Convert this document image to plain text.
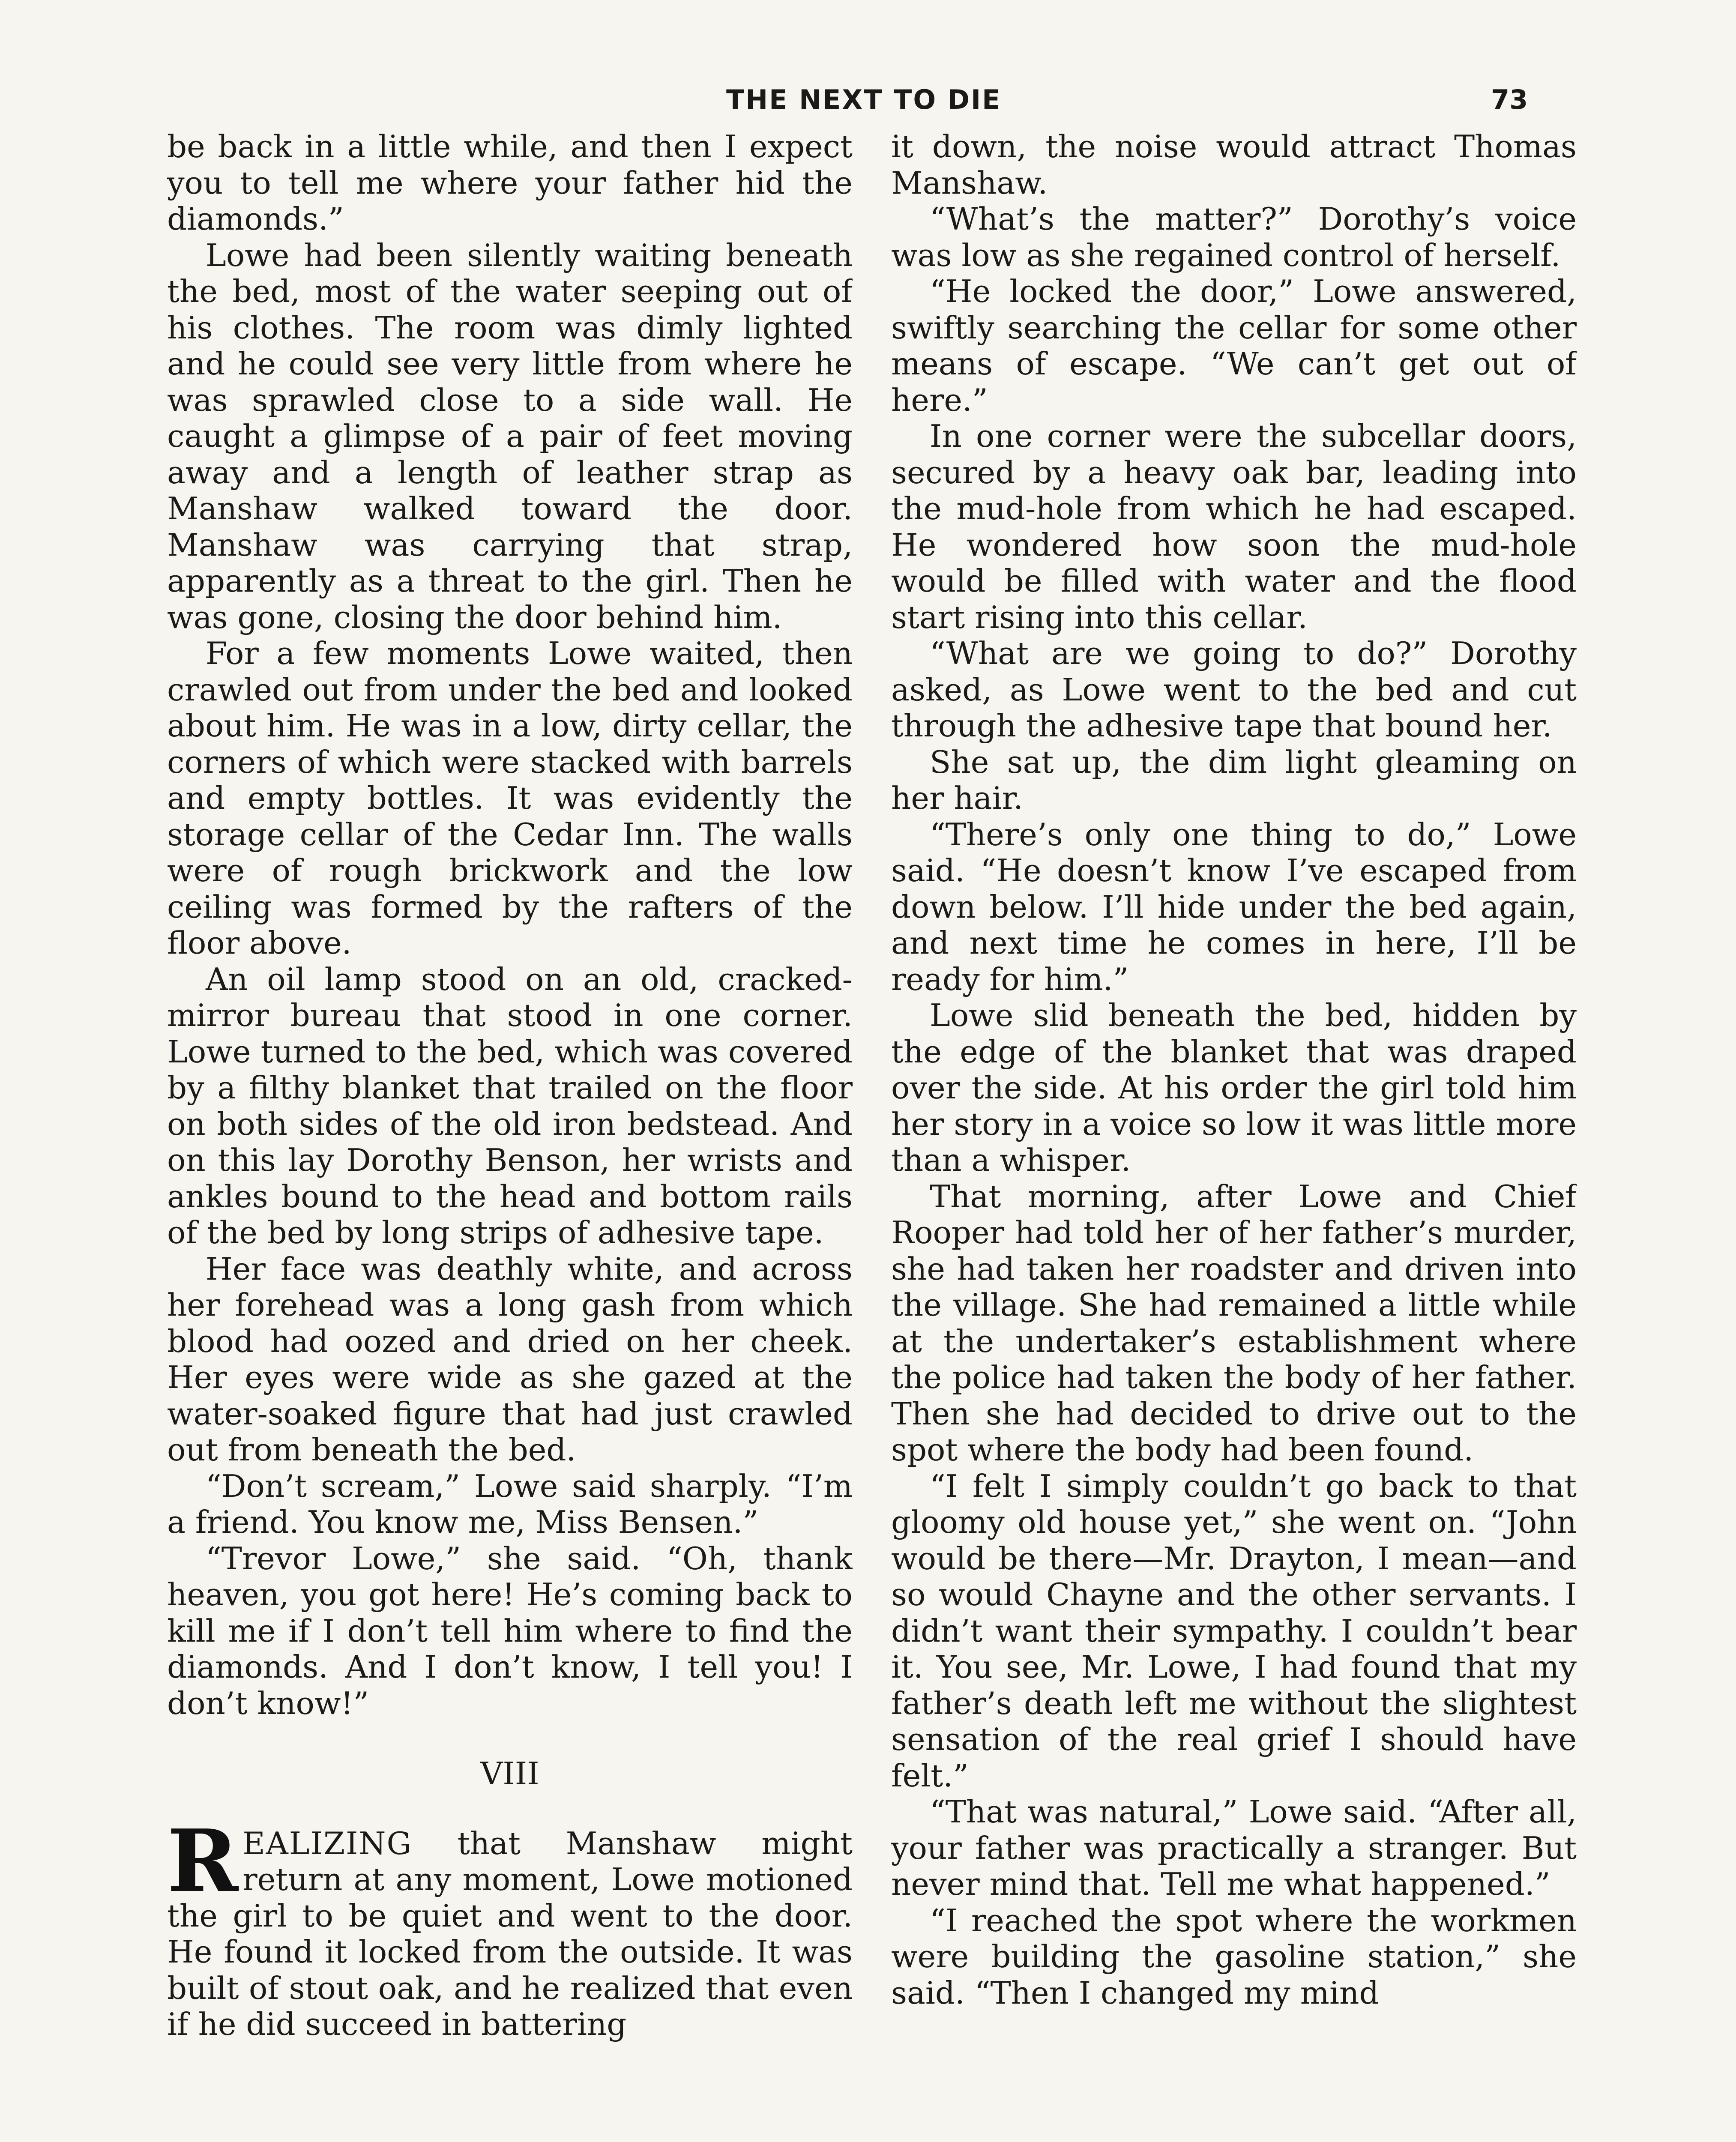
THE NEXT TO DIE	73

be back in a little while, and then I expect you to tell me where your father hid the diamonds.”

Lowe had been silently waiting beneath the bed, most of the water seeping out of his clothes. The room was dimly lighted and he could see very little from where he was sprawled close to a side wall. He caught a glimpse of a pair of feet moving away and a length of leather strap as Manshaw walked toward the door. Manshaw was carrying that strap, apparently as a threat to the girl. Then he was gone, closing the door behind him.

For a few moments Lowe waited, then crawled out from under the bed and looked about him. He was in a low, dirty cellar, the corners of which were stacked with barrels and empty bottles. It was evidently the storage cellar of the Cedar Inn. The walls were of rough brickwork and the low ceiling was formed by the rafters of the floor above.

An oil lamp stood on an old, cracked-mirror bureau that stood in one corner. Lowe turned to the bed, which was covered by a filthy blanket that trailed on the floor on both sides of the old iron bedstead. And on this lay Dorothy Benson, her wrists and ankles bound to the head and bottom rails of the bed by long strips of adhesive tape.

Her face was deathly white, and across her forehead was a long gash from which blood had oozed and dried on her cheek. Her eyes were wide as she gazed at the water-soaked figure that had just crawled out from beneath the bed.

“Don’t scream,” Lowe said sharply. “I’m a friend. You know me, Miss Bensen.”

“Trevor Lowe,” she said. “Oh, thank heaven, you got here! He’s coming back to kill me if I don’t tell him where to find the diamonds. And I don’t know, I tell you! I don’t know!”

VIII

REALIZING that Manshaw might return at any moment, Lowe motioned the girl to be quiet and went to the door. He found it locked from the outside. It was built of stout oak, and he realized that even if he did succeed in battering

it down, the noise would attract Thomas Manshaw.

“What’s the matter?” Dorothy’s voice was low as she regained control of herself.

“He locked the door,” Lowe answered, swiftly searching the cellar for some other means of escape. “We can’t get out of here.”

In one corner were the subcellar doors, secured by a heavy oak bar, leading into the mud-hole from which he had escaped. He wondered how soon the mud-hole would be filled with water and the flood start rising into this cellar.

“What are we going to do?” Dorothy asked, as Lowe went to the bed and cut through the adhesive tape that bound her.

She sat up, the dim light gleaming on her hair.

“There’s only one thing to do,” Lowe said. “He doesn’t know I’ve escaped from down below. I’ll hide under the bed again, and next time he comes in here, I’ll be ready for him.”

Lowe slid beneath the bed, hidden by the edge of the blanket that was draped over the side. At his order the girl told him her story in a voice so low it was little more than a whisper.

That morning, after Lowe and Chief Rooper had told her of her father’s murder, she had taken her roadster and driven into the village. She had remained a little while at the undertaker’s establishment where the police had taken the body of her father. Then she had decided to drive out to the spot where the body had been found.

“I felt I simply couldn’t go back to that gloomy old house yet,” she went on. “John would be there—Mr. Drayton, I mean—and so would Chayne and the other servants. I didn’t want their sympathy. I couldn’t bear it. You see, Mr. Lowe, I had found that my father’s death left me without the slightest sensation of the real grief I should have felt.”

“That was natural,” Lowe said. “After all, your father was practically a stranger. But never mind that. Tell me what happened.”

“I reached the spot where the workmen were building the gasoline station,” she said. “Then I changed my mind
